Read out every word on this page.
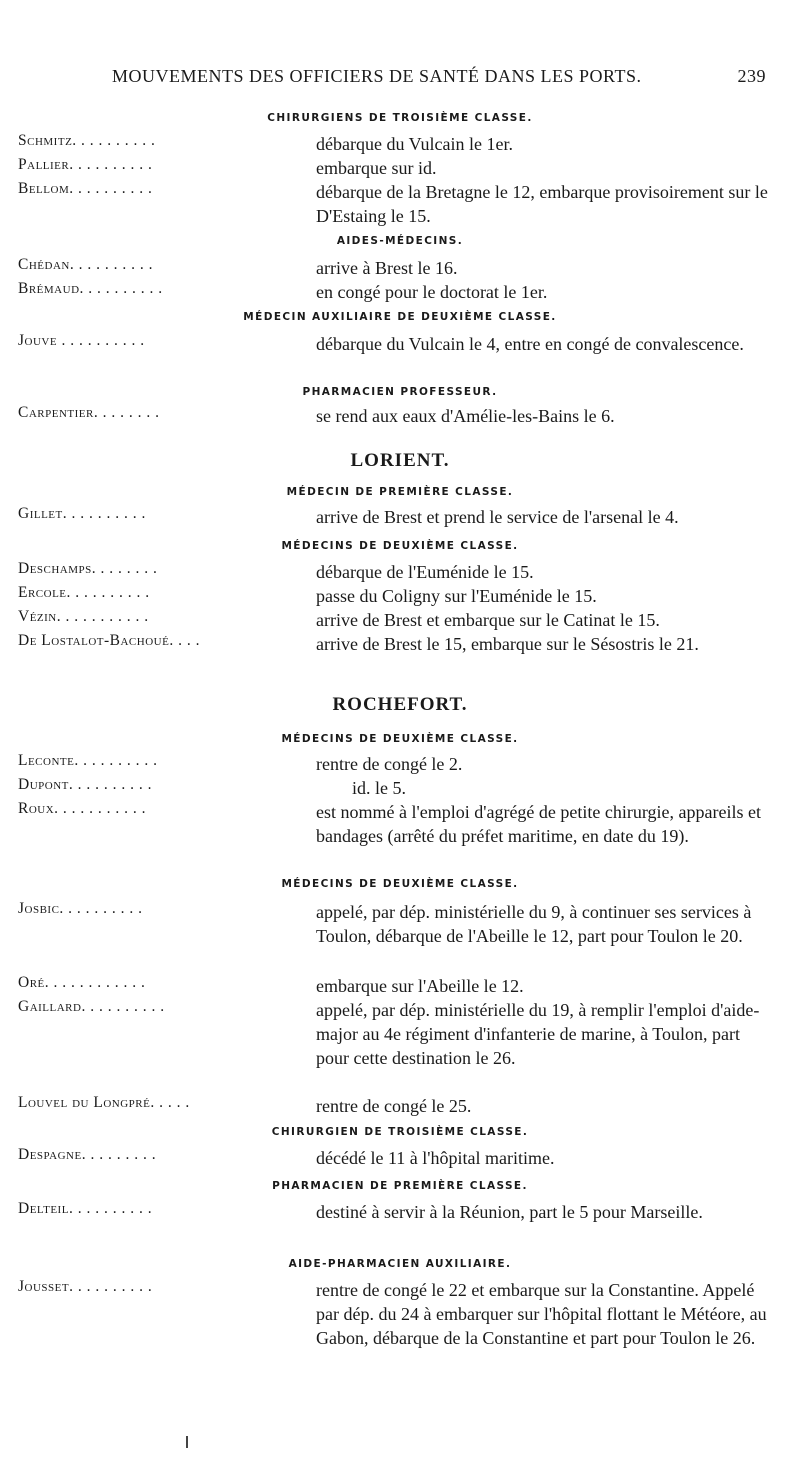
MOUVEMENTS DES OFFICIERS DE SANTÉ DANS LES PORTS.	239
CHIRURGIENS DE TROISIÈME CLASSE.
Schmitz. . . . . . . . . .	débarque du Vulcain le 1er.
Pallier. . . . . . . . . .	embarque sur id.
Bellom. . . . . . . . . .	débarque de la Bretagne le 12, embarque provisoirement sur le D'Estaing le 15.
AIDES-MÉDECINS.
Chédan. . . . . . . . . .	arrive à Brest le 16.
Brémaud. . . . . . . . . .	en congé pour le doctorat le 1er.
MÉDECIN AUXILIAIRE DE DEUXIÈME CLASSE.
Jouve . . . . . . . . . .	débarque du Vulcain le 4, entre en congé de convalescence.
PHARMACIEN PROFESSEUR.
Carpentier. . . . . . . .	se rend aux eaux d'Amélie-les-Bains le 6.
LORIENT.
MÉDECIN DE PREMIÈRE CLASSE.
Gillet. . . . . . . . . .	arrive de Brest et prend le service de l'arsenal le 4.
MÉDECINS DE DEUXIÈME CLASSE.
Deschamps. . . . . . . .	débarque de l'Euménide le 15.
Ercole. . . . . . . . . .	passe du Coligny sur l'Euménide le 15.
Vézin. . . . . . . . . . .	arrive de Brest et embarque sur le Catinat le 15.
De Lostalot-Bachoué. . . .	arrive de Brest le 15, embarque sur le Sésostris le 21.
ROCHEFORT.
MÉDECINS DE DEUXIÈME CLASSE.
Leconte. . . . . . . . . .	rentre de congé le 2.
Dupont. . . . . . . . . .	id. le 5.
Roux. . . . . . . . . . .	est nommé à l'emploi d'agrégé de petite chirurgie, appareils et bandages (arrêté du préfet maritime, en date du 19).
MÉDECINS DE DEUXIÈME CLASSE.
Josbic. . . . . . . . . .	appelé, par dép. ministérielle du 9, à continuer ses services à Toulon, débarque de l'Abeille le 12, part pour Toulon le 20.
Oré. . . . . . . . . . . .	embarque sur l'Abeille le 12.
Gaillard. . . . . . . . . .	appelé, par dép. ministérielle du 19, à remplir l'emploi d'aide-major au 4e régiment d'infanterie de marine, à Toulon, part pour cette destination le 26.
Louvel du Longpré. . . . .	rentre de congé le 25.
CHIRURGIEN DE TROISIÈME CLASSE.
Despagne. . . . . . . . .	décédé le 11 à l'hôpital maritime.
PHARMACIEN DE PREMIÈRE CLASSE.
Delteil. . . . . . . . . .	destiné à servir à la Réunion, part le 5 pour Marseille.
AIDE-PHARMACIEN AUXILIAIRE.
Jousset. . . . . . . . . .	rentre de congé le 22 et embarque sur la Constantine. Appelé par dép. du 24 à embarquer sur l'hôpital flottant le Météore, au Gabon, débarque de la Constantine et part pour Toulon le 26.
